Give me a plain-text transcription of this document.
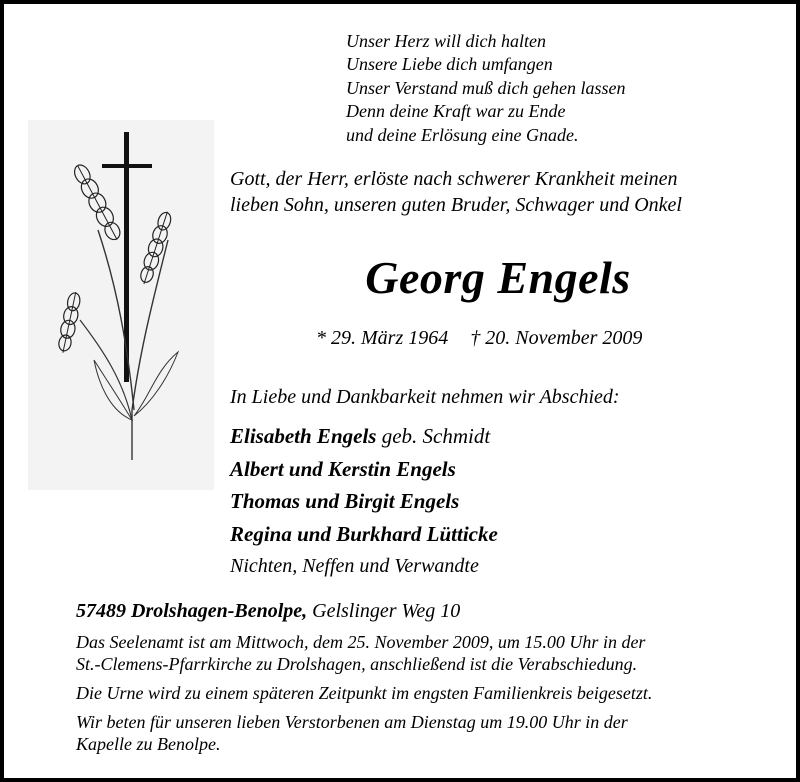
Unser Herz will dich halten
Unsere Liebe dich umfangen
Unser Verstand muß dich gehen lassen
Denn deine Kraft war zu Ende
und deine Erlösung eine Gnade.
Gott, der Herr, erlöste nach schwerer Krankheit meinen
lieben Sohn, unseren guten Bruder, Schwager und Onkel
Georg Engels
* 29. März 1964 † 20. November 2009
In Liebe und Dankbarkeit nehmen wir Abschied:
Elisabeth Engels geb. Schmidt
Albert und Kerstin Engels
Thomas und Birgit Engels
Regina und Burkhard Lütticke
Nichten, Neffen und Verwandte
57489 Drolshagen-Benolpe, Gelslinger Weg 10

Das Seelenamt ist am Mittwoch, dem 25. November 2009, um 15.00 Uhr in der
St.-Clemens-Pfarrkirche zu Drolshagen, anschließend ist die Verabschiedung.

Die Urne wird zu einem späteren Zeitpunkt im engsten Familienkreis beigesetzt.

Wir beten für unseren lieben Verstorbenen am Dienstag um 19.00 Uhr in der
Kapelle zu Benolpe.
